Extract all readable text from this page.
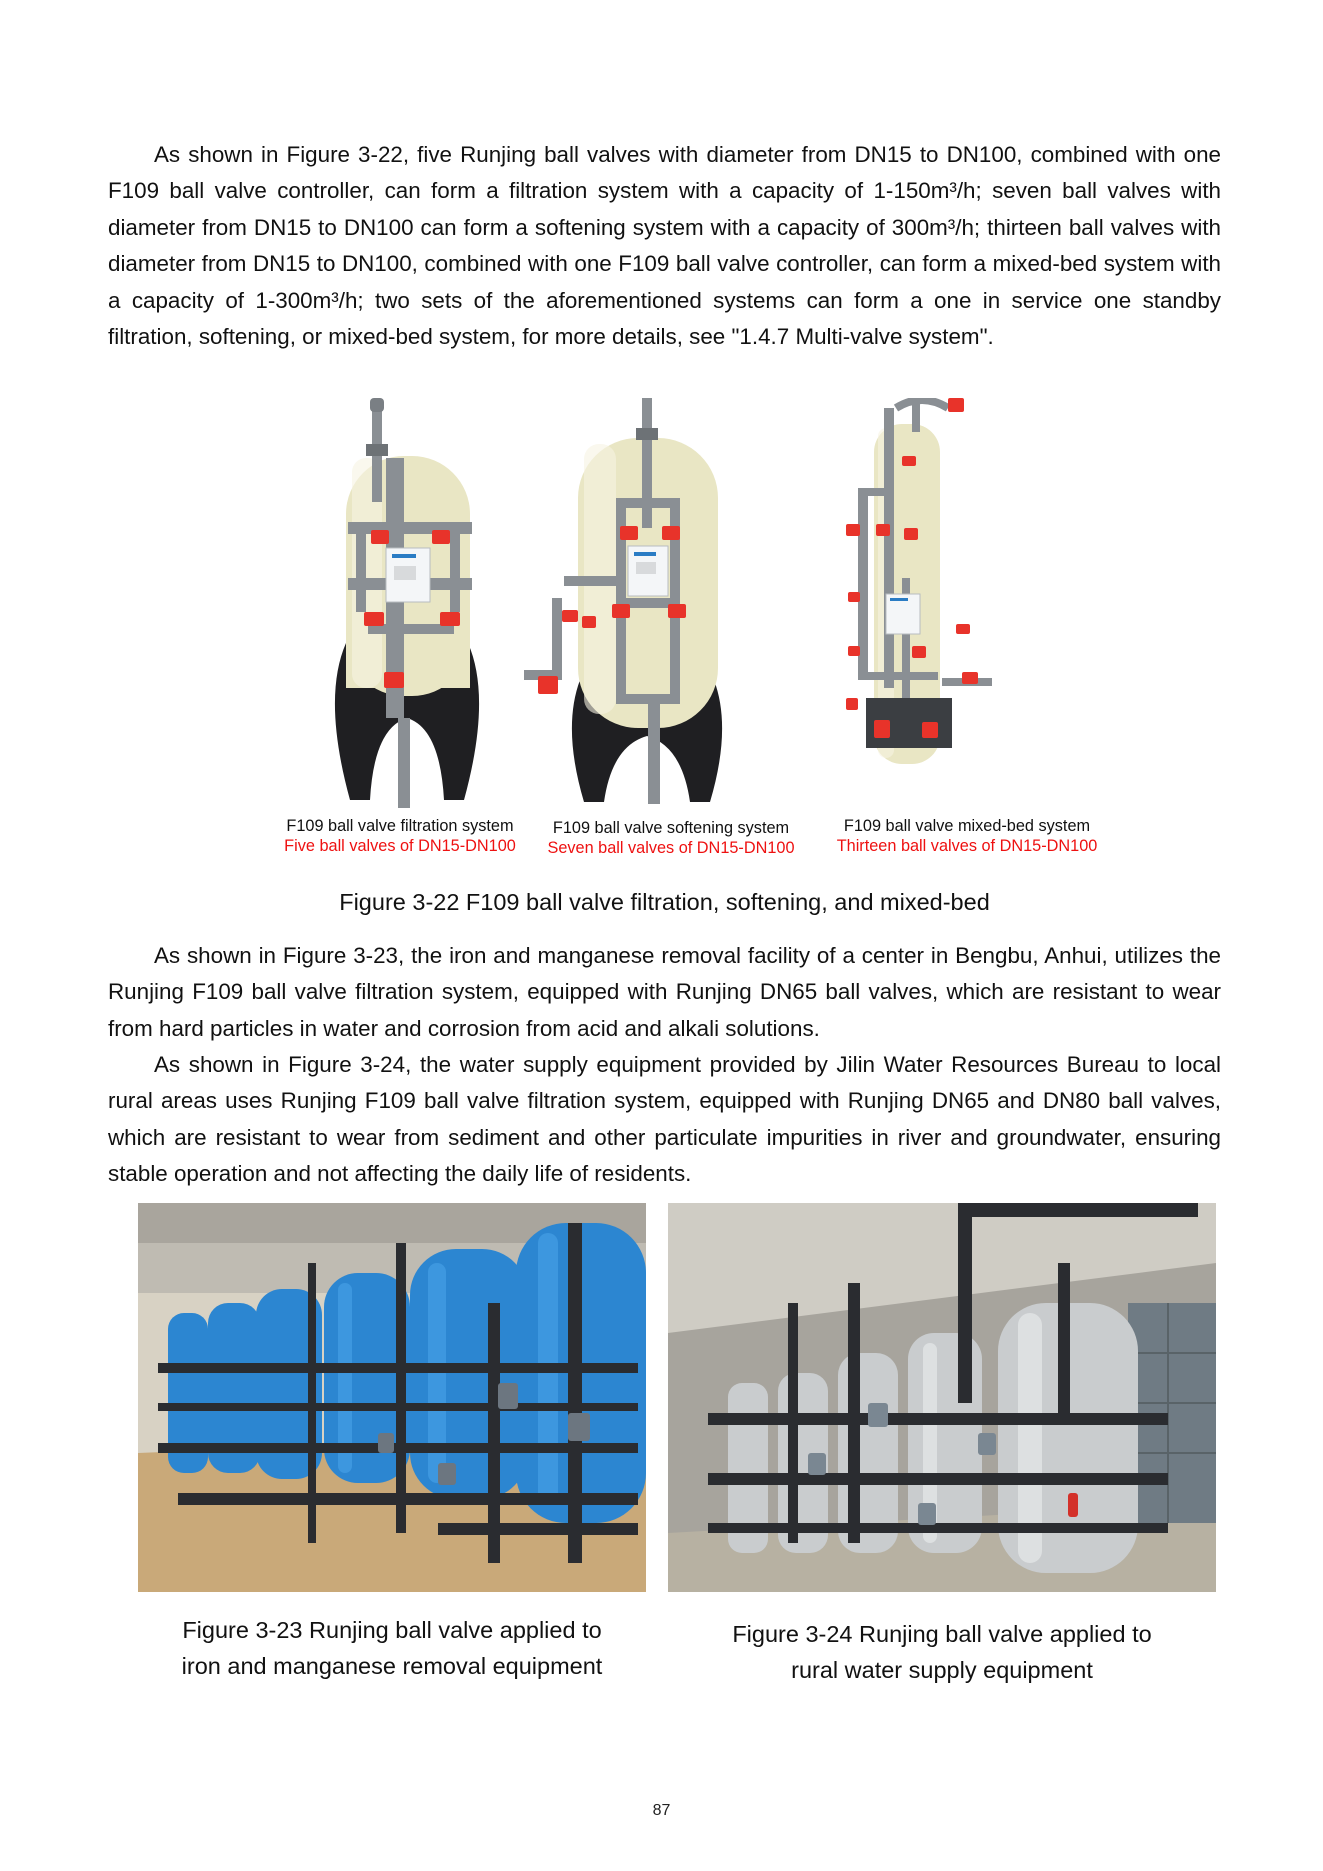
As shown in Figure 3-22, five Runjing ball valves with diameter from DN15 to DN100, combined with one F109 ball valve controller, can form a filtration system with a capacity of 1-150m³/h; seven ball valves with diameter from DN15 to DN100 can form a softening system with a capacity of 300m³/h; thirteen ball valves with diameter from DN15 to DN100, combined with one F109 ball valve controller, can form a mixed-bed system with a capacity of 1-300m³/h; two sets of the aforementioned systems can form a one in service one standby filtration, softening, or mixed-bed system, for more details, see "1.4.7 Multi-valve system".

F109 ball valve filtration system
Five ball valves of DN15-DN100
F109 ball valve softening system
Seven ball valves of DN15-DN100
F109 ball valve mixed-bed system
Thirteen ball valves of DN15-DN100

Figure 3-22 F109 ball valve filtration, softening, and mixed-bed

As shown in Figure 3-23, the iron and manganese removal facility of a center in Bengbu, Anhui, utilizes the Runjing F109 ball valve filtration system, equipped with Runjing DN65 ball valves, which are resistant to wear from hard particles in water and corrosion from acid and alkali solutions.

As shown in Figure 3-24, the water supply equipment provided by Jilin Water Resources Bureau to local rural areas uses Runjing F109 ball valve filtration system, equipped with Runjing DN65 and DN80 ball valves, which are resistant to wear from sediment and other particulate impurities in river and groundwater, ensuring stable operation and not affecting the daily life of residents.

Figure 3-23 Runjing ball valve applied to
iron and manganese removal equipment
Figure 3-24 Runjing ball valve applied to
rural water supply equipment
87
